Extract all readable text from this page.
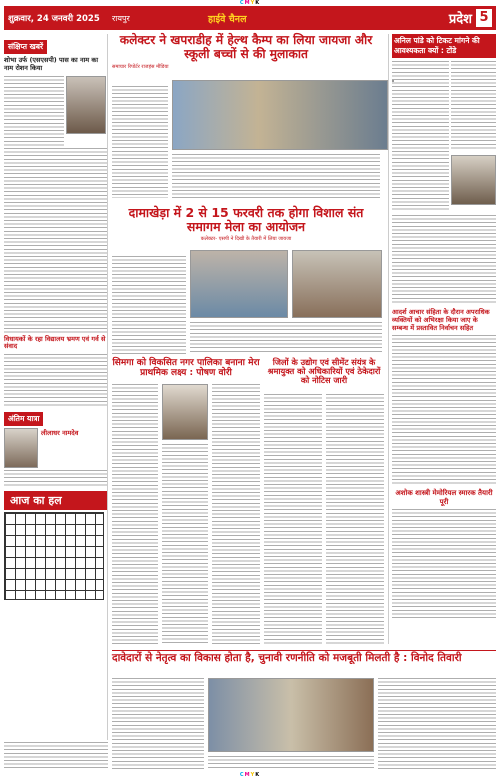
CMYK
शुक्रवार, 24 जनवरी 2025	रायपुर	हाईवे चैनल	प्रदेश 5
संक्षिप्त खबरें
शोभा उर्फ (एसएसपी) पास का नाम का नाम रोशन किया
विधायकों के रहा विद्यालय भ्रमण एवं गर्व से संवाद
अंतिम यात्रा
लीलाधर नामदेव
आज का हल
कलेक्टर ने खपराडीह में हेल्थ कैम्प का लिया जायजा और स्कूली बच्चों से की मुलाकात
समाचार रिपोर्टर राजहंस मीडिया
दामाखेड़ा में 2 से 15 फरवरी तक होगा विशाल संत समागम मेला का आयोजन
कलेक्टर- एसपी ने दिखी के तैयारी में लिया जायजा
सिमगा को विकसित नगर पालिका बनाना मेरा प्राथमिक लक्ष्य : पोषण वोरी
जिलों के उद्योग एवं सीमेंट संयंत्र के श्रमायुक्त को अधिकारियों एवं ठेकेदारों को नोटिस जारी
अनिल पांडे को टिकट मांगने की आवश्यकता क्यों : टोंडे
आदर्श आचार संहिता के दौरान अपराधिक व्यक्तियों को अभिरक्षा किया जाए के सम्बन्ध में प्रस्तावित निर्वाचन सहित
अशोक शास्त्री मेमोरियल स्मारक तैयारी पूरी
दावेदारों से नेतृत्व का विकास होता है, चुनावी रणनीति को मजबूती मिलती है : विनोद तिवारी
CMYK
